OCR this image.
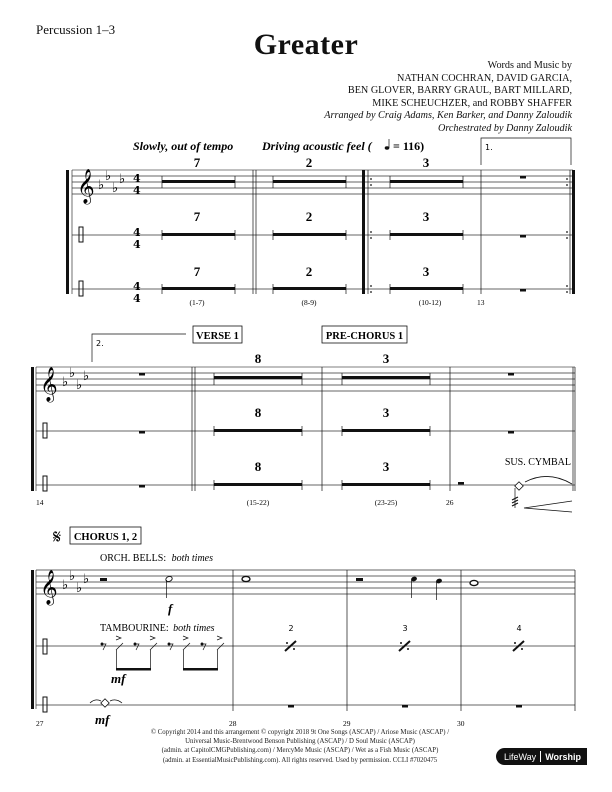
Percussion 1–3	Greater
Words and Music by
NATHAN COCHRAN, DAVID GARCIA,
BEN GLOVER, BARRY GRAUL, BART MILLARD,
MIKE SCHEUCHZER, and ROBBY SHAFFER
Arranged by Craig Adams, Ken Barker, and Danny Zaloudik
Orchestrated by Danny Zaloudik
Slowly, out of tempo Driving acoustic feel ( = 116)	1.
𝄞 ♭
♭
♭
♭ 4
4
4
4
4
4
7
7
7
(1-7)
2
2
2
(8-9)
3
3
3
(10-12)	13
2.
VERSE 1	PRE-CHORUS 1
𝄞 ♭
♭
♭
♭
14
8
8
8
(15-22)
3
3
3
(23-25)	26
SUS. CYMBAL
𝄋 CHORUS 1, 2
ORCH. BELLS: both times
𝄞 ♭
♭
♭
♭
f
TAMBOURINE: both times
mf
mf
27	28
2
29
3
30
4
© Copyright 2014 and this arrangement © copyright 2018 9t One Songs (ASCAP) / Ariose Music (ASCAP) /
Universal Music-Brentwood Benson Publishing (ASCAP) / D Soul Music (ASCAP)
(admin. at CapitolCMGPublishing.com) / MercyMe Music (ASCAP) / Wet as a Fish Music (ASCAP)
(admin. at EssentialMusicPublishing.com). All rights reserved. Used by permission. CCLI #7020475	LifeWay Worship
